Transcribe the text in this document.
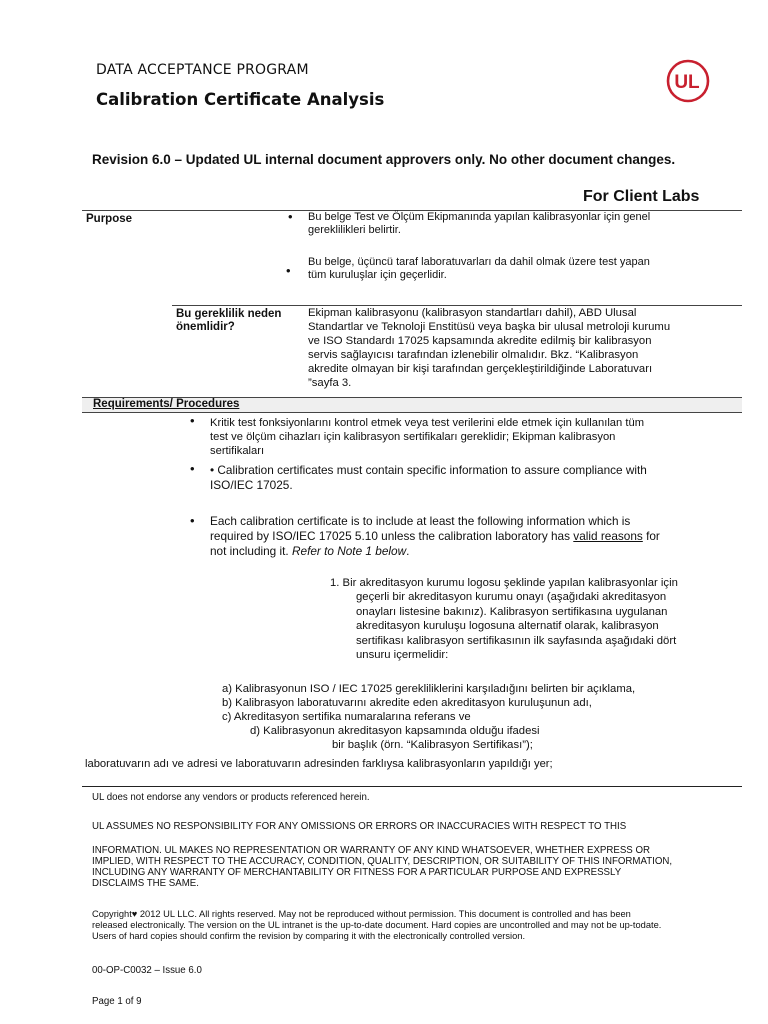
DATA ACCEPTANCE PROGRAM
Calibration Certificate Analysis
UL
Revision 6.0 – Updated UL internal document approvers only. No other document changes.
For Client Labs
Purpose	• Bu belge Test ve Ölçüm Ekipmanında yapılan kalibrasyonlar için genel
gereklilikleri belirtir.
•
Bu belge, üçüncü taraf laboratuvarları da dahil olmak üzere test yapan
tüm kuruluşlar için geçerlidir.
Bu gereklilik neden
önemlidir?
Ekipman kalibrasyonu (kalibrasyon standartları dahil), ABD Ulusal
Standartlar ve Teknoloji Enstitüsü veya başka bir ulusal metroloji kurumu
ve ISO Standardı 17025 kapsamında akredite edilmiş bir kalibrasyon
servis sağlayıcısı tarafından izlenebilir olmalıdır. Bkz. “Kalibrasyon
akredite olmayan bir kişi tarafından gerçekleştirildiğinde Laboratuvarı
”sayfa 3.
Requirements/ Procedures
• Kritik test fonksiyonlarını kontrol etmek veya test verilerini elde etmek için kullanılan tüm
test ve ölçüm cihazları için kalibrasyon sertifikaları gereklidir; Ekipman kalibrasyon
sertifikaları
• • Calibration certificates must contain specific information to assure compliance with
ISO/IEC 17025.
• Each calibration certificate is to include at least the following information which is
required by ISO/IEC 17025 5.10 unless the calibration laboratory has valid reasons for
not including it. Refer to Note 1 below.
1. Bir akreditasyon kurumu logosu şeklinde yapılan kalibrasyonlar için
geçerli bir akreditasyon kurumu onayı (aşağıdaki akreditasyon
onayları listesine bakınız). Kalibrasyon sertifikasına uygulanan
akreditasyon kuruluşu logosuna alternatif olarak, kalibrasyon
sertifikası kalibrasyon sertifikasının ilk sayfasında aşağıdaki dört
unsuru içermelidir:
a) Kalibrasyonun ISO / IEC 17025 gerekliliklerini karşıladığını belirten bir açıklama,
b) Kalibrasyon laboratuvarını akredite eden akreditasyon kuruluşunun adı,
c) Akreditasyon sertifika numaralarına referans ve
d) Kalibrasyonun akreditasyon kapsamında olduğu ifadesi
bir başlık (örn. “Kalibrasyon Sertifikası”);
laboratuvarın adı ve adresi ve laboratuvarın adresinden farklıysa kalibrasyonların yapıldığı yer;
UL does not endorse any vendors or products referenced herein.
UL ASSUMES NO RESPONSIBILITY FOR ANY OMISSIONS OR ERRORS OR INACCURACIES WITH RESPECT TO THIS
INFORMATION. UL MAKES NO REPRESENTATION OR WARRANTY OF ANY KIND WHATSOEVER, WHETHER EXPRESS OR
IMPLIED, WITH RESPECT TO THE ACCURACY, CONDITION, QUALITY, DESCRIPTION, OR SUITABILITY OF THIS INFORMATION,
INCLUDING ANY WARRANTY OF MERCHANTABILITY OR FITNESS FOR A PARTICULAR PURPOSE AND EXPRESSLY
DISCLAIMS THE SAME.
Copyright♥ 2012 UL LLC. All rights reserved. May not be reproduced without permission. This document is controlled and has been
released electronically. The version on the UL intranet is the up-to-date document. Hard copies are uncontrolled and may not be up-todate.
Users of hard copies should confirm the revision by comparing it with the electronically controlled version.
00-OP-C0032 – Issue 6.0
Page 1 of 9
